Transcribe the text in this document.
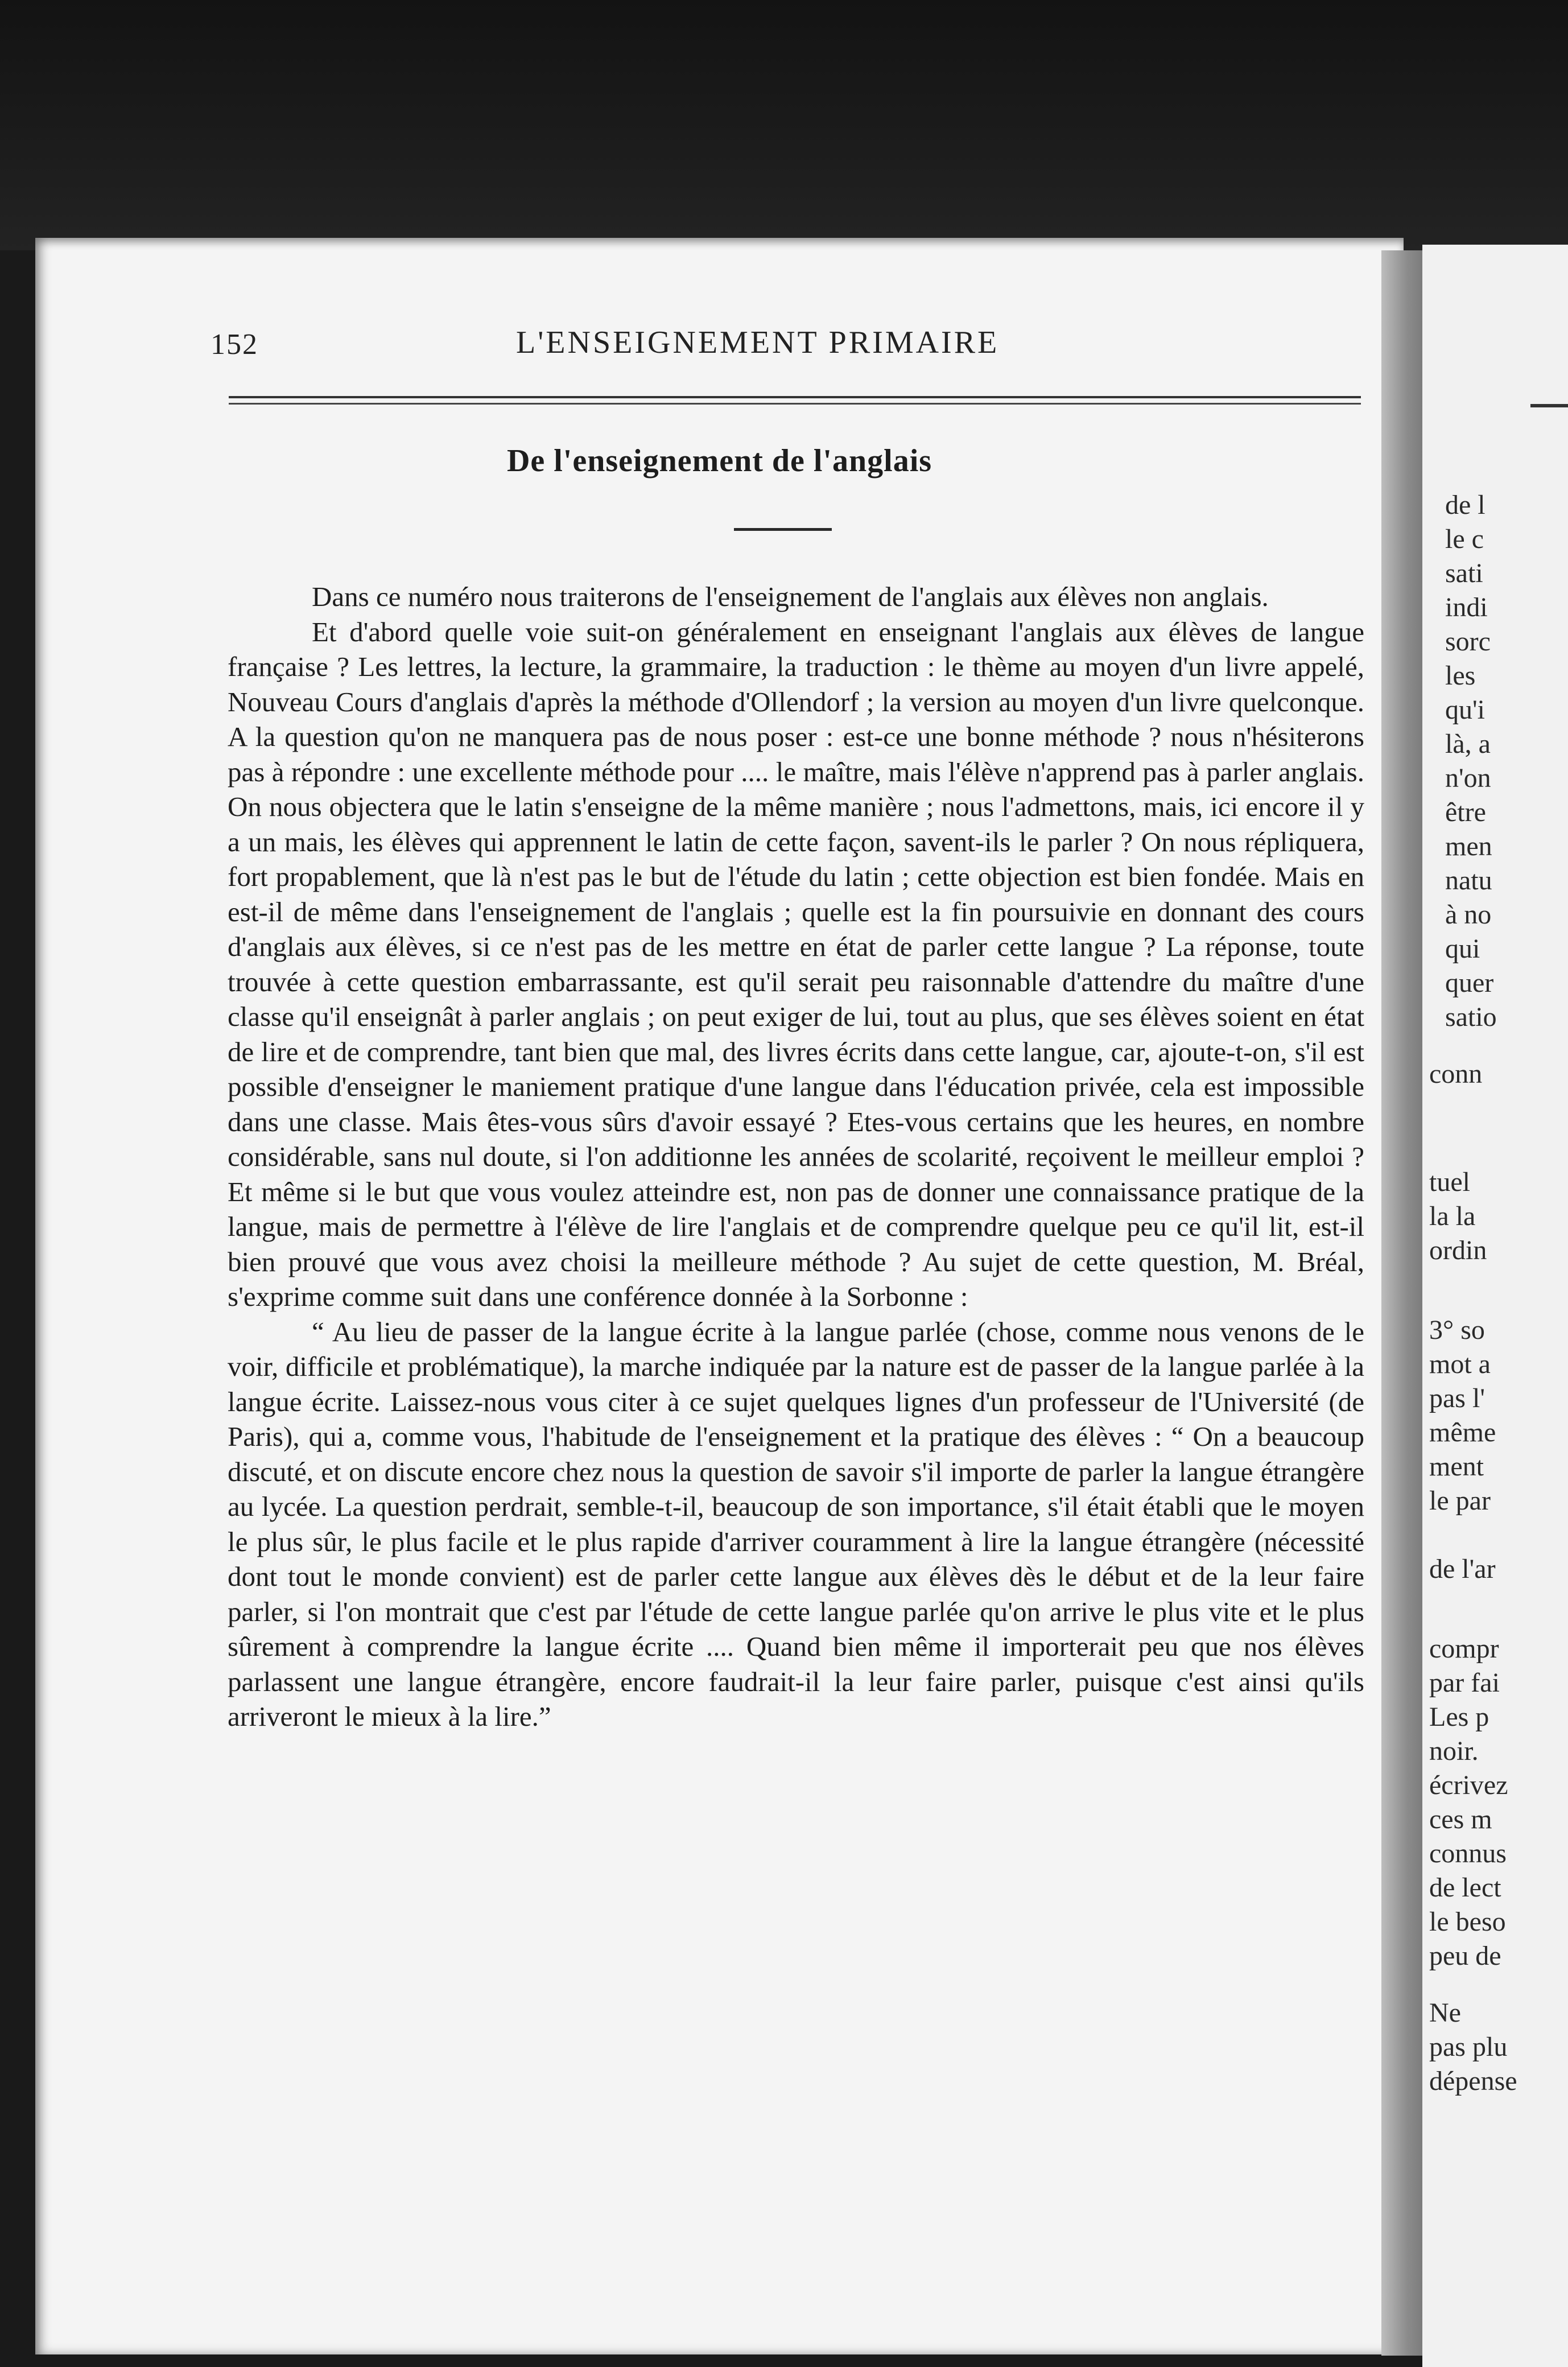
152	L'ENSEIGNEMENT PRIMAIRE
De l'enseignement de l'anglais

Dans ce numéro nous traiterons de l'enseignement de l'anglais aux élèves non anglais.

Et d'abord quelle voie suit-on généralement en enseignant l'anglais aux élèves de langue française ? Les lettres, la lecture, la grammaire, la traduction : le thème au moyen d'un livre appelé, Nouveau Cours d'anglais d'après la méthode d'Ollendorf ; la version au moyen d'un livre quelconque. A la question qu'on ne manquera pas de nous poser : est-ce une bonne méthode ? nous n'hésiterons pas à répondre : une excellente méthode pour .... le maître, mais l'élève n'apprend pas à parler anglais. On nous objectera que le latin s'enseigne de la même manière ; nous l'admettons, mais, ici encore il y a un mais, les élèves qui apprennent le latin de cette façon, savent-ils le parler ? On nous répliquera, fort propablement, que là n'est pas le but de l'étude du latin ; cette objection est bien fondée. Mais en est-il de même dans l'enseignement de l'anglais ; quelle est la fin poursuivie en donnant des cours d'anglais aux élèves, si ce n'est pas de les mettre en état de parler cette langue ? La réponse, toute trouvée à cette question embarrassante, est qu'il serait peu raisonnable d'attendre du maître d'une classe qu'il enseignât à parler anglais ; on peut exiger de lui, tout au plus, que ses élèves soient en état de lire et de comprendre, tant bien que mal, des livres écrits dans cette langue, car, ajoute-t-on, s'il est possible d'enseigner le maniement pratique d'une langue dans l'éducation privée, cela est impossible dans une classe. Mais êtes-vous sûrs d'avoir essayé ? Etes-vous certains que les heures, en nombre considérable, sans nul doute, si l'on additionne les années de scolarité, reçoivent le meilleur emploi ? Et même si le but que vous voulez atteindre est, non pas de donner une connaissance pratique de la langue, mais de permettre à l'élève de lire l'anglais et de comprendre quelque peu ce qu'il lit, est-il bien prouvé que vous avez choisi la meilleure méthode ? Au sujet de cette question, M. Bréal, s'exprime comme suit dans une conférence donnée à la Sorbonne :

“ Au lieu de passer de la langue écrite à la langue parlée (chose, comme nous venons de le voir, difficile et problématique), la marche indiquée par la nature est de passer de la langue parlée à la langue écrite. Laissez-nous vous citer à ce sujet quelques lignes d'un professeur de l'Université (de Paris), qui a, comme vous, l'habitude de l'enseignement et la pratique des élèves : “ On a beaucoup discuté, et on discute encore chez nous la question de savoir s'il importe de parler la langue étrangère au lycée. La question perdrait, semble-t-il, beaucoup de son importance, s'il était établi que le moyen le plus sûr, le plus facile et le plus rapide d'arriver couramment à lire la langue étrangère (nécessité dont tout le monde convient) est de parler cette langue aux élèves dès le début et de la leur faire parler, si l'on montrait que c'est par l'étude de cette langue parlée qu'on arrive le plus vite et le plus sûrement à comprendre la langue écrite .... Quand bien même il importerait peu que nos élèves parlassent une langue étrangère, encore faudrait-il la leur faire parler, puisque c'est ainsi qu'ils arriveront le mieux à la lire.”

de l
le c
sati
indi
sorc
les
qu'i
là, a
n'on
être
men
natu
à no
qui
quer
satio
conn
tuel
la la
ordin
3° so
mot a
pas l'
même
ment
le par
de l'ar
compr
par fai
Les p
noir.
écrivez
ces m
connus
de lect
le beso
peu de
Ne
pas plu
dépense
